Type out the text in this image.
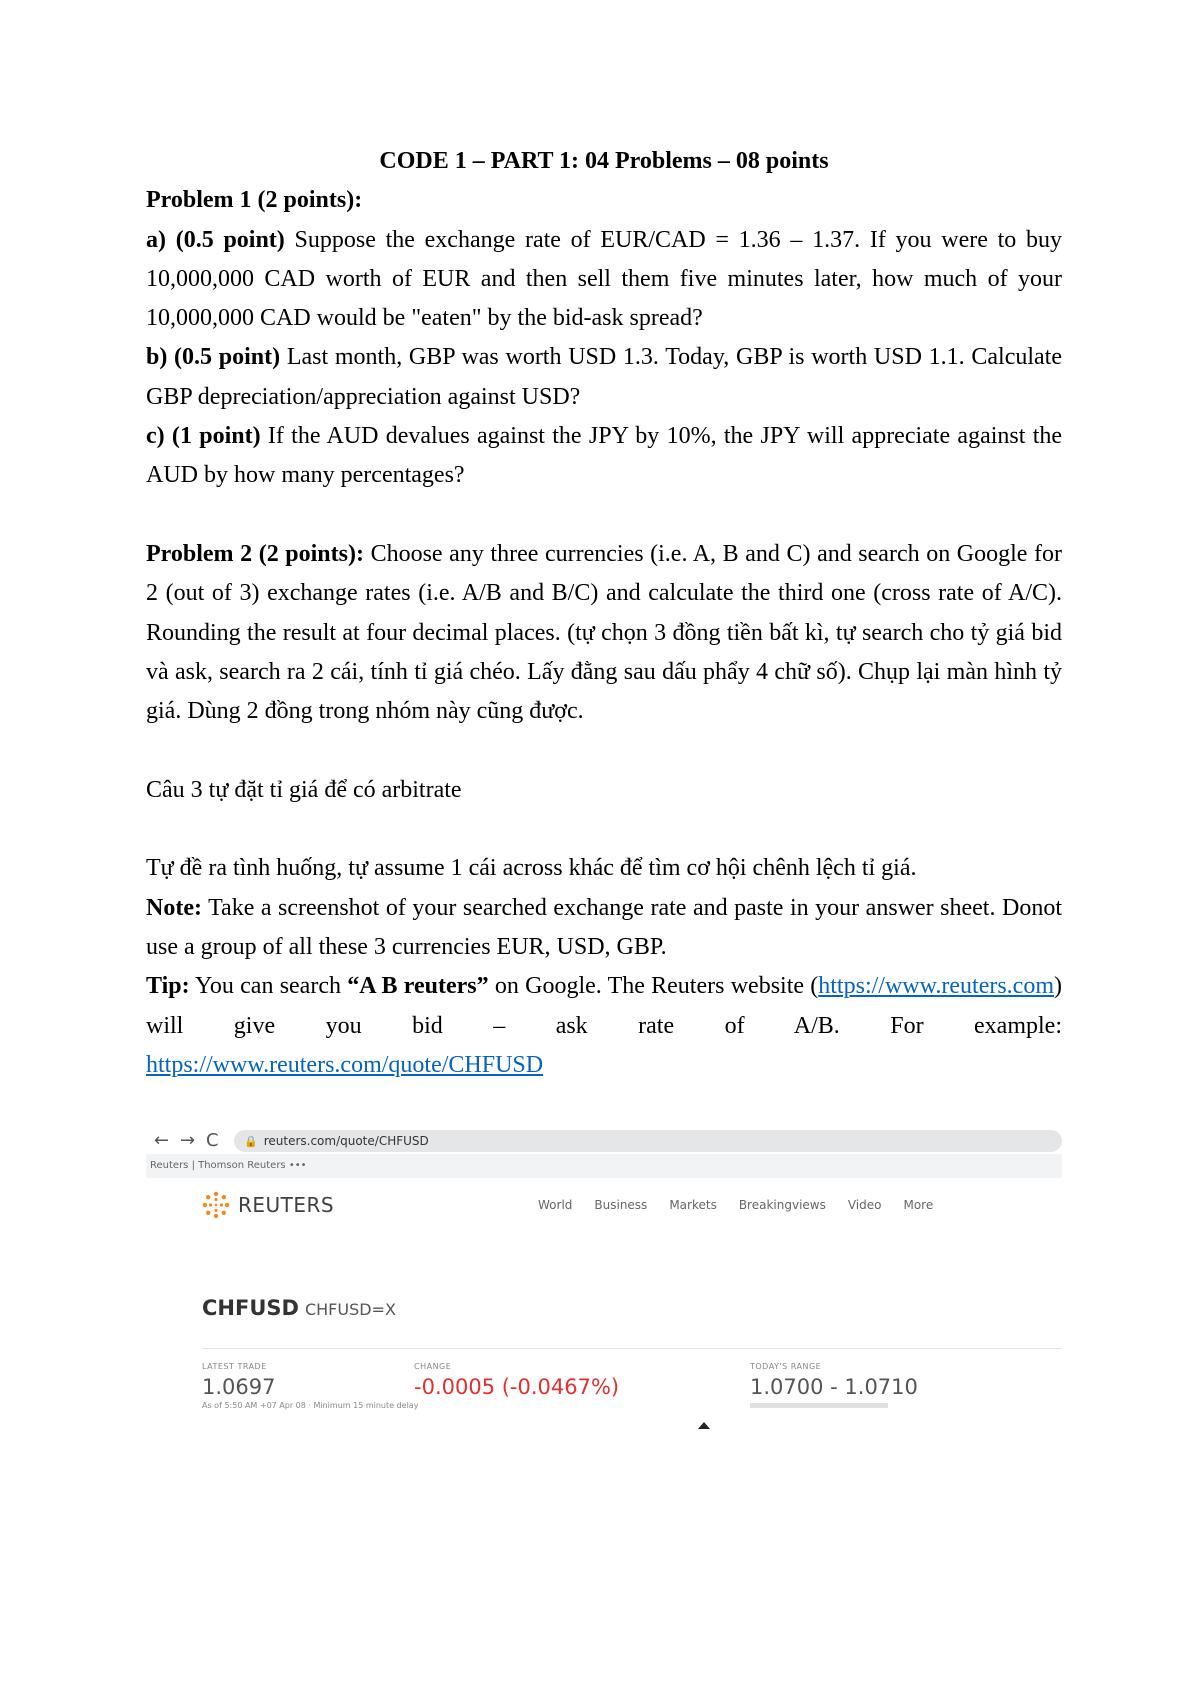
CODE 1 – PART 1: 04 Problems – 08 points

Problem 1 (2 points):

a) (0.5 point) Suppose the exchange rate of EUR/CAD = 1.36 – 1.37. If you were to buy 10,000,000 CAD worth of EUR and then sell them five minutes later, how much of your 10,000,000 CAD would be "eaten" by the bid-ask spread?

b) (0.5 point) Last month, GBP was worth USD 1.3. Today, GBP is worth USD 1.1. Calculate GBP depreciation/appreciation against USD?

c) (1 point) If the AUD devalues against the JPY by 10%, the JPY will appreciate against the AUD by how many percentages?

Problem 2 (2 points): Choose any three currencies (i.e. A, B and C) and search on Google for 2 (out of 3) exchange rates (i.e. A/B and B/C) and calculate the third one (cross rate of A/C). Rounding the result at four decimal places. (tự chọn 3 đồng tiền bất kì, tự search cho tỷ giá bid và ask, search ra 2 cái, tính tỉ giá chéo. Lấy đằng sau dấu phẩy 4 chữ số). Chụp lại màn hình tỷ giá. Dùng 2 đồng trong nhóm này cũng được.

Câu 3 tự đặt tỉ giá để có arbitrate

Tự đề ra tình huống, tự assume 1 cái across khác để tìm cơ hội chênh lệch tỉ giá.

Note: Take a screenshot of your searched exchange rate and paste in your answer sheet. Donot use a group of all these 3 currencies EUR, USD, GBP.

Tip: You can search “A B reuters” on Google. The Reuters website (https://www.reuters.com) will give you bid – ask rate of A/B. For example:

https://www.reuters.com/quote/CHFUSD

← → C	🔒 reuters.com/quote/CHFUSD
Reuters | Thomson Reuters •••
REUTERS	World Business Markets Breakingviews Video More
CHFUSD CHFUSD=X
LATEST TRADE
1.0697
As of 5:50 AM +07 Apr 08 · Minimum 15 minute delay
CHANGE
-0.0005 (-0.0467%)
TODAY'S RANGE
1.0700 - 1.0710
